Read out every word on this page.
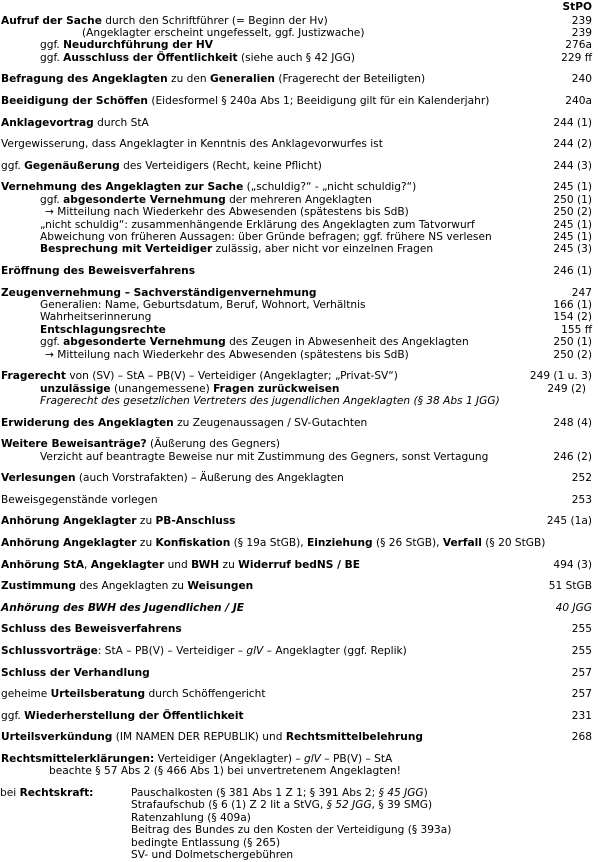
StPO
Aufruf der Sache durch den Schriftführer (= Beginn der Hv)	239
(Angeklagter erscheint ungefesselt, ggf. Justizwache)	239
ggf. Neudurchführung der HV	276a
ggf. Ausschluss der Öffentlichkeit (siehe auch § 42 JGG)	229 ff
Befragung des Angeklagten zu den Generalien (Fragerecht der Beteiligten)	240
Beeidigung der Schöffen (Eidesformel § 240a Abs 1; Beeidigung gilt für ein Kalenderjahr)	240a
Anklagevortrag durch StA	244 (1)
Vergewisserung, dass Angeklagter in Kenntnis des Anklagevorwurfes ist	244 (2)
ggf. Gegenäußerung des Verteidigers (Recht, keine Pflicht)	244 (3)
Vernehmung des Angeklagten zur Sache („schuldig?“ - „nicht schuldig?“)	245 (1)
ggf. abgesonderte Vernehmung der mehreren Angeklagten	250 (1)
→ Mitteilung nach Wiederkehr des Abwesenden (spätestens bis SdB)	250 (2)
„nicht schuldig“: zusammenhängende Erklärung des Angeklagten zum Tatvorwurf	245 (1)
Abweichung von früheren Aussagen: über Gründe befragen; ggf. frühere NS verlesen	245 (1)
Besprechung mit Verteidiger zulässig, aber nicht vor einzelnen Fragen	245 (3)
Eröffnung des Beweisverfahrens	246 (1)
Zeugenvernehmung – Sachverständigenvernehmung	247
Generalien: Name, Geburtsdatum, Beruf, Wohnort, Verhältnis	166 (1)
Wahrheitserinnerung	154 (2)
Entschlagungsrechte	155 ff
ggf. abgesonderte Vernehmung des Zeugen in Abwesenheit des Angeklagten	250 (1)
→ Mitteilung nach Wiederkehr des Abwesenden (spätestens bis SdB)	250 (2)
Fragerecht von (SV) – StA – PB(V) – Verteidiger (Angeklagter; „Privat-SV“)	249 (1 u. 3)
unzulässige (unangemessene) Fragen zurückweisen	249 (2)
Fragerecht des gesetzlichen Vertreters des jugendlichen Angeklagten (§ 38 Abs 1 JGG)
Erwiderung des Angeklagten zu Zeugenaussagen / SV-Gutachten	248 (4)
Weitere Beweisanträge? (Äußerung des Gegners)
Verzicht auf beantragte Beweise nur mit Zustimmung des Gegners, sonst Vertagung	246 (2)
Verlesungen (auch Vorstrafakten) – Äußerung des Angeklagten	252
Beweisgegenstände vorlegen	253
Anhörung Angeklagter zu PB-Anschluss	245 (1a)
Anhörung Angeklagter zu Konfiskation (§ 19a StGB), Einziehung (§ 26 StGB), Verfall (§ 20 StGB)
Anhörung StA, Angeklagter und BWH zu Widerruf bedNS / BE	494 (3)
Zustimmung des Angeklagten zu Weisungen	51 StGB
Anhörung des BWH des Jugendlichen / JE	40 JGG
Schluss des Beweisverfahrens	255
Schlussvorträge: StA – PB(V) – Verteidiger – glV – Angeklagter (ggf. Replik)	255
Schluss der Verhandlung	257
geheime Urteilsberatung durch Schöffengericht	257
ggf. Wiederherstellung der Öffentlichkeit	231
Urteilsverkündung (IM NAMEN DER REPUBLIK) und Rechtsmittelbelehrung	268
Rechtsmittelerklärungen: Verteidiger (Angeklagter) – glV – PB(V) – StA
beachte § 57 Abs 2 (§ 466 Abs 1) bei unvertretenem Angeklagten!
bei Rechtskraft:	Pauschalkosten (§ 381 Abs 1 Z 1; § 391 Abs 2; § 45 JGG)
Strafaufschub (§ 6 (1) Z 2 lit a StVG, § 52 JGG, § 39 SMG)
Ratenzahlung (§ 409a)
Beitrag des Bundes zu den Kosten der Verteidigung (§ 393a)
bedingte Entlassung (§ 265)
SV- und Dolmetschergebühren
